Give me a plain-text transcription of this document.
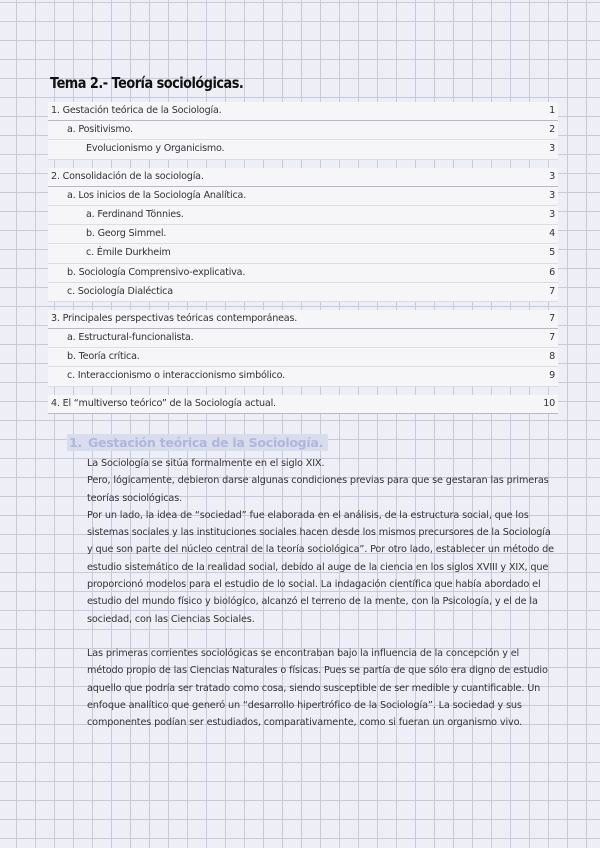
Tema 2.- Teoría sociológicas.
1. Gestación teórica de la Sociología.	1
a. Positivismo.	2
Evolucionismo y Organicismo.	3
2. Consolidación de la sociología.	3
a. Los inicios de la Sociología Analítica.	3
a. Ferdinand Tönnies.	3
b. Georg Simmel.	4
c. Émile Durkheim	5
b. Sociología Comprensivo-explicativa.	6
c. Sociología Dialéctica	7
3. Principales perspectivas teóricas contemporáneas.	7
a. Estructural-funcionalista.	7
b. Teoría crítica.	8
c. Interaccionismo o interaccionismo simbólico.	9
4. El “multiverso teórico” de la Sociología actual.	10
1. Gestación teórica de la Sociología.

La Sociología se sitúa formalmente en el siglo XIX.

Pero, lógicamente, debieron darse algunas condiciones previas para que se gestaran las primeras teorías sociológicas.

Por un lado, la idea de “sociedad” fue elaborada en el análisis, de la estructura social, que los sistemas sociales y las instituciones sociales hacen desde los mismos precursores de la Sociología y que son parte del núcleo central de la teoría sociológica”. Por otro lado, establecer un método de estudio sistemático de la realidad social, debido al auge de la ciencia en los siglos XVIII y XIX, que proporcionó modelos para el estudio de lo social. La indagación científica que había abordado el estudio del mundo físico y biológico, alcanzó el terreno de la mente, con la Psicología, y el de la sociedad, con las Ciencias Sociales.

Las primeras corrientes sociológicas se encontraban bajo la influencia de la concepción y el método propio de las Ciencias Naturales o físicas. Pues se partía de que sólo era digno de estudio aquello que podría ser tratado como cosa, siendo susceptible de ser medible y cuantificable. Un enfoque analítico que generó un “desarrollo hipertrófico de la Sociología”. La sociedad y sus componentes podían ser estudiados, comparativamente, como si fueran un organismo vivo.
